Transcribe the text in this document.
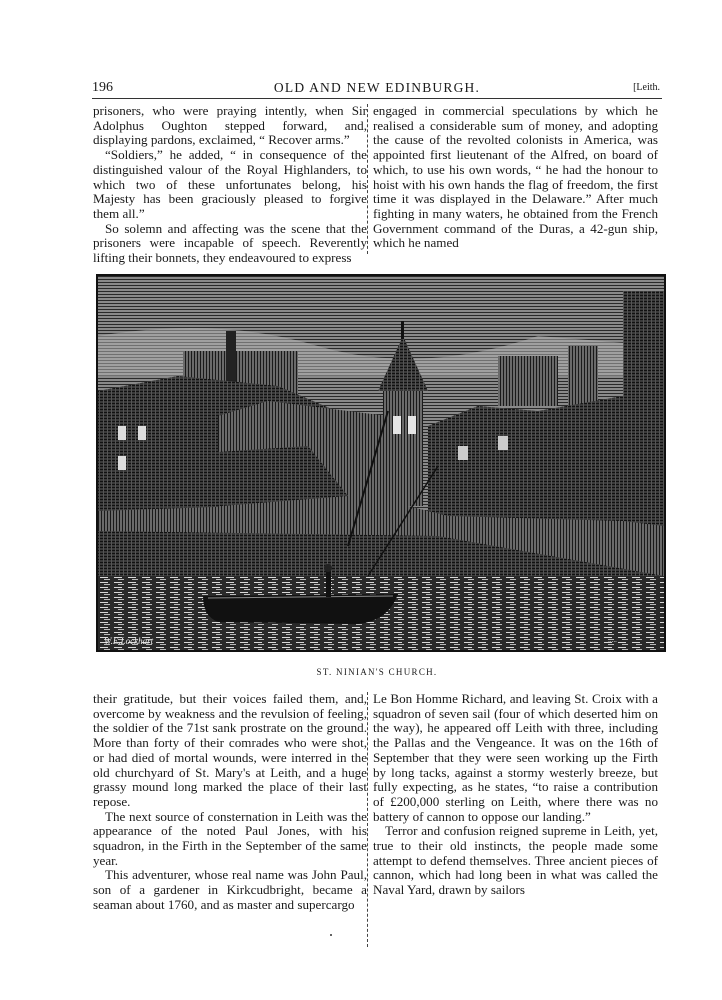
196	OLD AND NEW EDINBURGH.	[Leith.

prisoners, who were praying intently, when Sir Adolphus Oughton stepped forward, and, displaying pardons, exclaimed, “ Recover arms.”

“Soldiers,” he added, “ in consequence of the distinguished valour of the Royal Highlanders, to which two of these unfortunates belong, his Majesty has been graciously pleased to forgive them all.”

So solemn and affecting was the scene that the prisoners were incapable of speech. Reverently lifting their bonnets, they endeavoured to express

engaged in commercial speculations by which he realised a considerable sum of money, and adopting the cause of the revolted colonists in America, was appointed first lieutenant of the Alfred, on board of which, to use his own words, “ he had the honour to hoist with his own hands the flag of freedom, the first time it was displayed in the Delaware.” After much fighting in many waters, he obtained from the French Government command of the Duras, a 42-gun ship, which he named

W.E.Lockhart	·····
ST. NINIAN'S CHURCH.

their gratitude, but their voices failed them, and, overcome by weakness and the revulsion of feeling, the soldier of the 71st sank prostrate on the ground. More than forty of their comrades who were shot, or had died of mortal wounds, were interred in the old churchyard of St. Mary's at Leith, and a huge grassy mound long marked the place of their last repose.

The next source of consternation in Leith was the appearance of the noted Paul Jones, with his squadron, in the Firth in the September of the same year.

This adventurer, whose real name was John Paul, son of a gardener in Kirkcudbright, became a seaman about 1760, and as master and supercargo

Le Bon Homme Richard, and leaving St. Croix with a squadron of seven sail (four of which deserted him on the way), he appeared off Leith with three, including the Pallas and the Vengeance. It was on the 16th of September that they were seen working up the Firth by long tacks, against a stormy westerly breeze, but fully expecting, as he states, “to raise a contribution of £200,000 sterling on Leith, where there was no battery of cannon to oppose our landing.”

Terror and confusion reigned supreme in Leith, yet, true to their old instincts, the people made some attempt to defend themselves. Three ancient pieces of cannon, which had long been in what was called the Naval Yard, drawn by sailors
